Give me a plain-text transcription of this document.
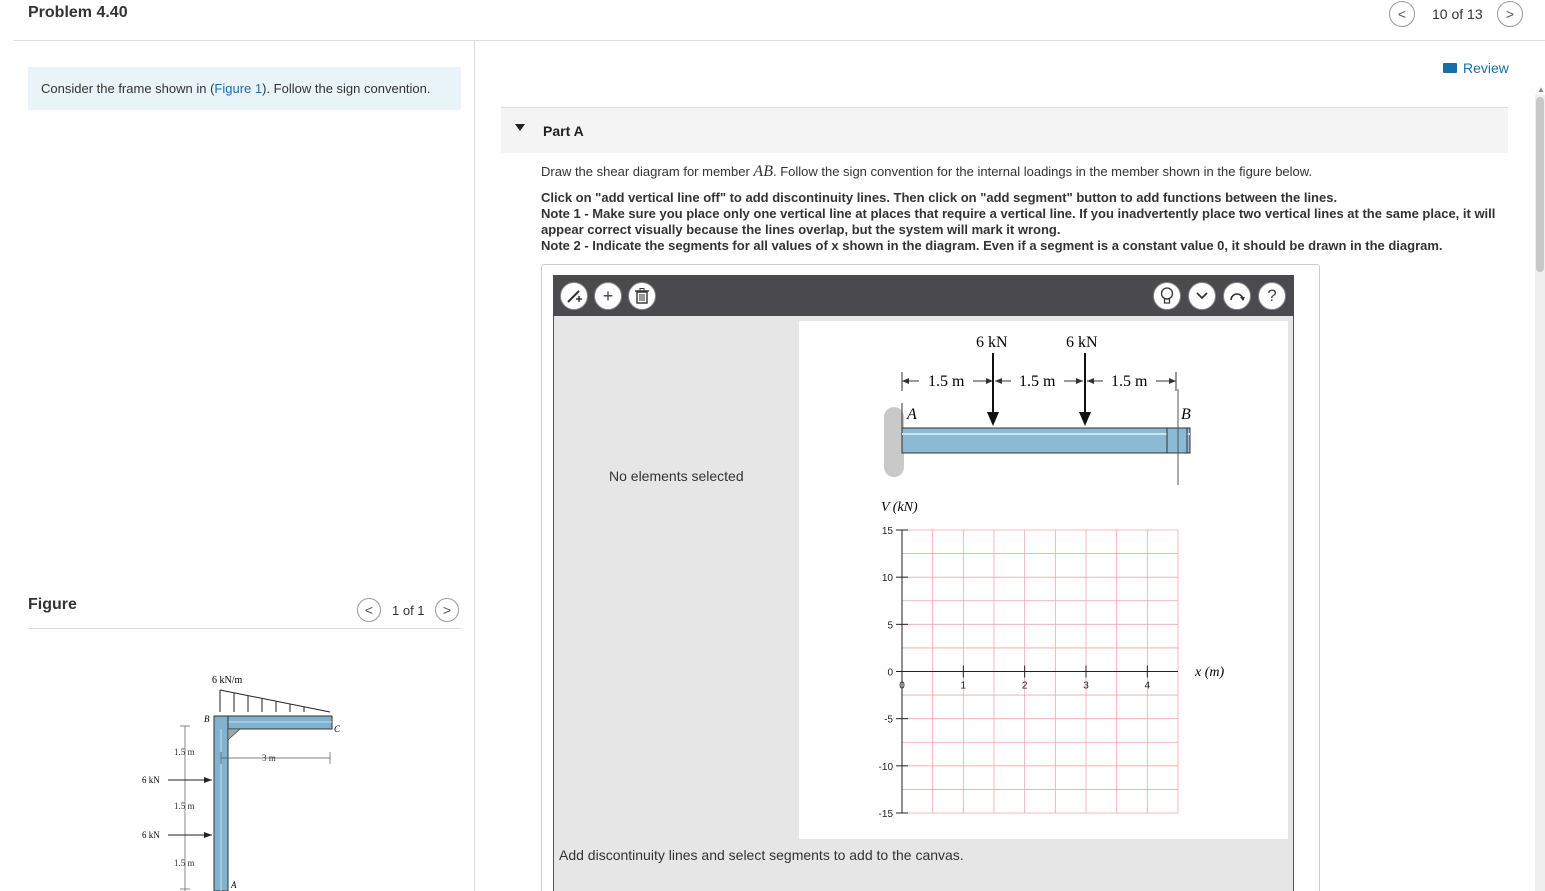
Problem 4.40	< 10 of 13 >
Consider the frame shown in (Figure 1). Follow the sign convention.
Figure	< 1 of 1 >
6 kN/m
B
C
A
3 m
1.5 m
1.5 m
1.5 m
6 kN
6 kN
Review
Part A
Draw the shear diagram for member AB. Follow the sign convention for the internal loadings in the member shown in the figure below.
Click on "add vertical line off" to add discontinuity lines. Then click on "add segment" button to add functions between the lines.
Note 1 - Make sure you place only one vertical line at places that require a vertical line. If you inadvertently place two vertical lines at the same place, it will appear correct visually because the lines overlap, but the system will mark it wrong.
Note 2 - Indicate the segments for all values of x shown in the diagram. Even if a segment is a constant value 0, it should be drawn in the diagram.
+	?
No elements selected
A	B
1.5 m	1.5 m	1.5 m
6 kN	6 kN
V (kN)
x (m)
15
10
5
0
-5
-10
-15
0	1	2	3	4
Add discontinuity lines and select segments to add to the canvas.
▲
